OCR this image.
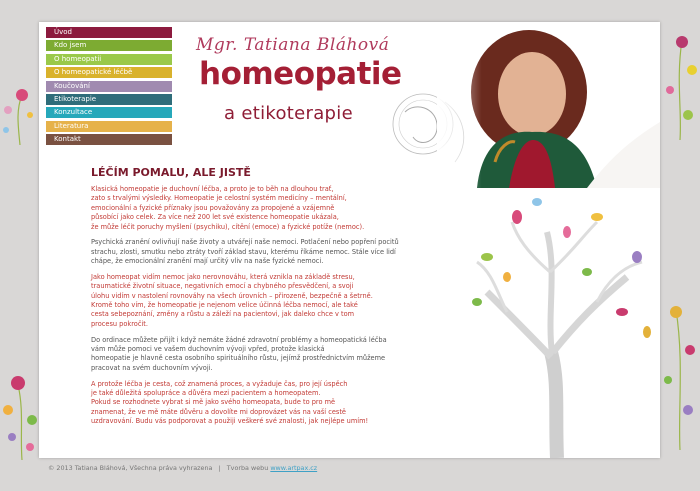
Úvod
Kdo jsem
O homeopatii
O homeopatické léčbě
Koučování
Etikoterapie
Konzultace
Literatura
Kontakt
Mgr. Tatiana Bláhová
homeopatie
a etikoterapie
LÉČÍM POMALU, ALE JISTĚ

Klasická homeopatie je duchovní léčba, a proto je to běh na dlouhou trať,
zato s trvalými výsledky. Homeopatie je celostní systém medicíny – mentální,
emocionální a fyzické příznaky jsou považovány za propojené a vzájemně
působící jako celek. Za více než 200 let své existence homeopatie ukázala,
že může léčit poruchy myšlení (psychiku), cítění (emoce) a fyzické potíže (nemoc).

Psychická zranění ovlivňují naše životy a utvářejí naše nemoci. Potlačení nebo popření pocitů
strachu, zlosti, smutku nebo ztráty tvoří základ stavu, kterému říkáme nemoc. Stále více lidí
chápe, že emocionální zranění mají určitý vliv na naše fyzické nemoci.

Jako homeopat vidím nemoc jako nerovnováhu, která vznikla na základě stresu,
traumatické životní situace, negativních emocí a chybného přesvědčení, a svoji
úlohu vidím v nastolení rovnováhy na všech úrovních – přirozeně, bezpečně a šetrně.
Kromě toho vím, že homeopatie je nejenom velice účinná léčba nemocí, ale také
cesta sebepoznání, změny a růstu a záleží na pacientovi, jak daleko chce v tom
procesu pokročit.

Do ordinace můžete přijít i když nemáte žádné zdravotní problémy a homeopatická léčba
vám může pomoci ve vašem duchovním vývoji vpřed, protože klasická
homeopatie je hlavně cesta osobního spirituálního růstu, jejímž prostřednictvím můžeme
pracovat na svém duchovním vývoji.

A protože léčba je cesta, což znamená proces, a vyžaduje čas, pro její úspěch
je také důležitá spolupráce a důvěra mezi pacientem a homeopatem.
Pokud se rozhodnete vybrat si mě jako svého homeopata, bude to pro mě
znamenat, že ve mě máte důvěru a dovolíte mi doprovázet vás na vaší cestě
uzdravování. Budu vás podporovat a použiji veškeré své znalosti, jak nejlépe umím!

© 2013 Tatiana Bláhová, Všechna práva vyhrazena | Tvorba webu www.artpax.cz
